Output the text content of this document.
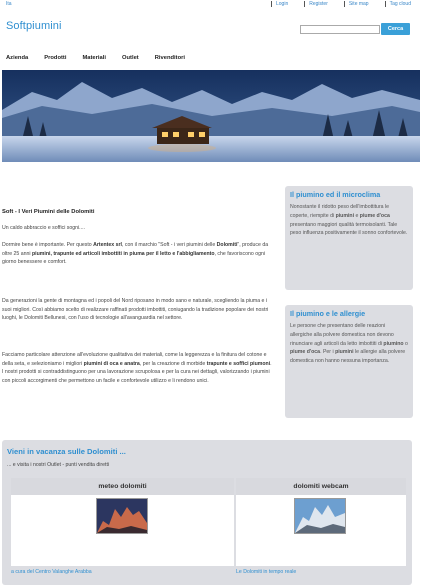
Ita	Login	Register	Site map	Tag cloud
Softpiumini	Cerca
Azienda	Prodotti	Materiali	Outlet	Rivenditori
Soft - I Veri Piumini delle Dolomiti
Un caldo abbraccio e soffici sogni....
Dormire bene è importante. Per questo Artentex srl, con il marchio "Soft - i veri piumini delle Dolomiti", produce da oltre 25 anni piumini, trapunte ed articoli imbottiti in piuma per il letto e l'abbigliamento, che favoriscono ogni giorno benessere e comfort.
Da generazioni la gente di montagna ed i popoli del Nord riposano in modo sano e naturale, scegliendo la piuma e i suoi migliori. Così abbiamo scelto di realizzare raffinati prodotti imbottiti, coniugando la tradizione popolare dei nostri luoghi, le Dolomiti Bellunesi, con l'uso di tecnologie all'avanguardia nel settore.
Facciamo particolare attenzione all'evoluzione qualitativa dei materiali, come la leggerezza e la finitura del cotone e della seta, e selezioniamo i migliori piumini di oca e anatra, per la creazione di morbide trapunte e soffici piumoni. I nostri prodotti si contraddistinguono per una lavorazione scrupolosa e per la cura nei dettagli, valorizzando i piumini con piccoli accorgimenti che permettono un facile e confortevole utilizzo e li rendono unici.
Il piumino ed il microclima
Nonostante il ridotto peso dell'imbottitura le coperte, riempite di piumini e piume d'oca presentano maggiori qualità termoisolanti. Tale peso influenza positivamente il sonno confortevole.
Il piumino e le allergie
Le persone che presentano delle reazioni allergiche alla polvere domestica non devono rinunciare agli articoli da letto imbottiti di piumino o piume d'oca. Per i piumini le allergie alla polvere domestica non hanno nessuna importanza.
Vieni in vacanza sulle Dolomiti ...
... e visita i nostri Outlet - punti vendita diretti
meteo dolomiti	dolomiti webcam
a cura del Centro Valanghe Arabba	Le Dolomiti in tempo reale
